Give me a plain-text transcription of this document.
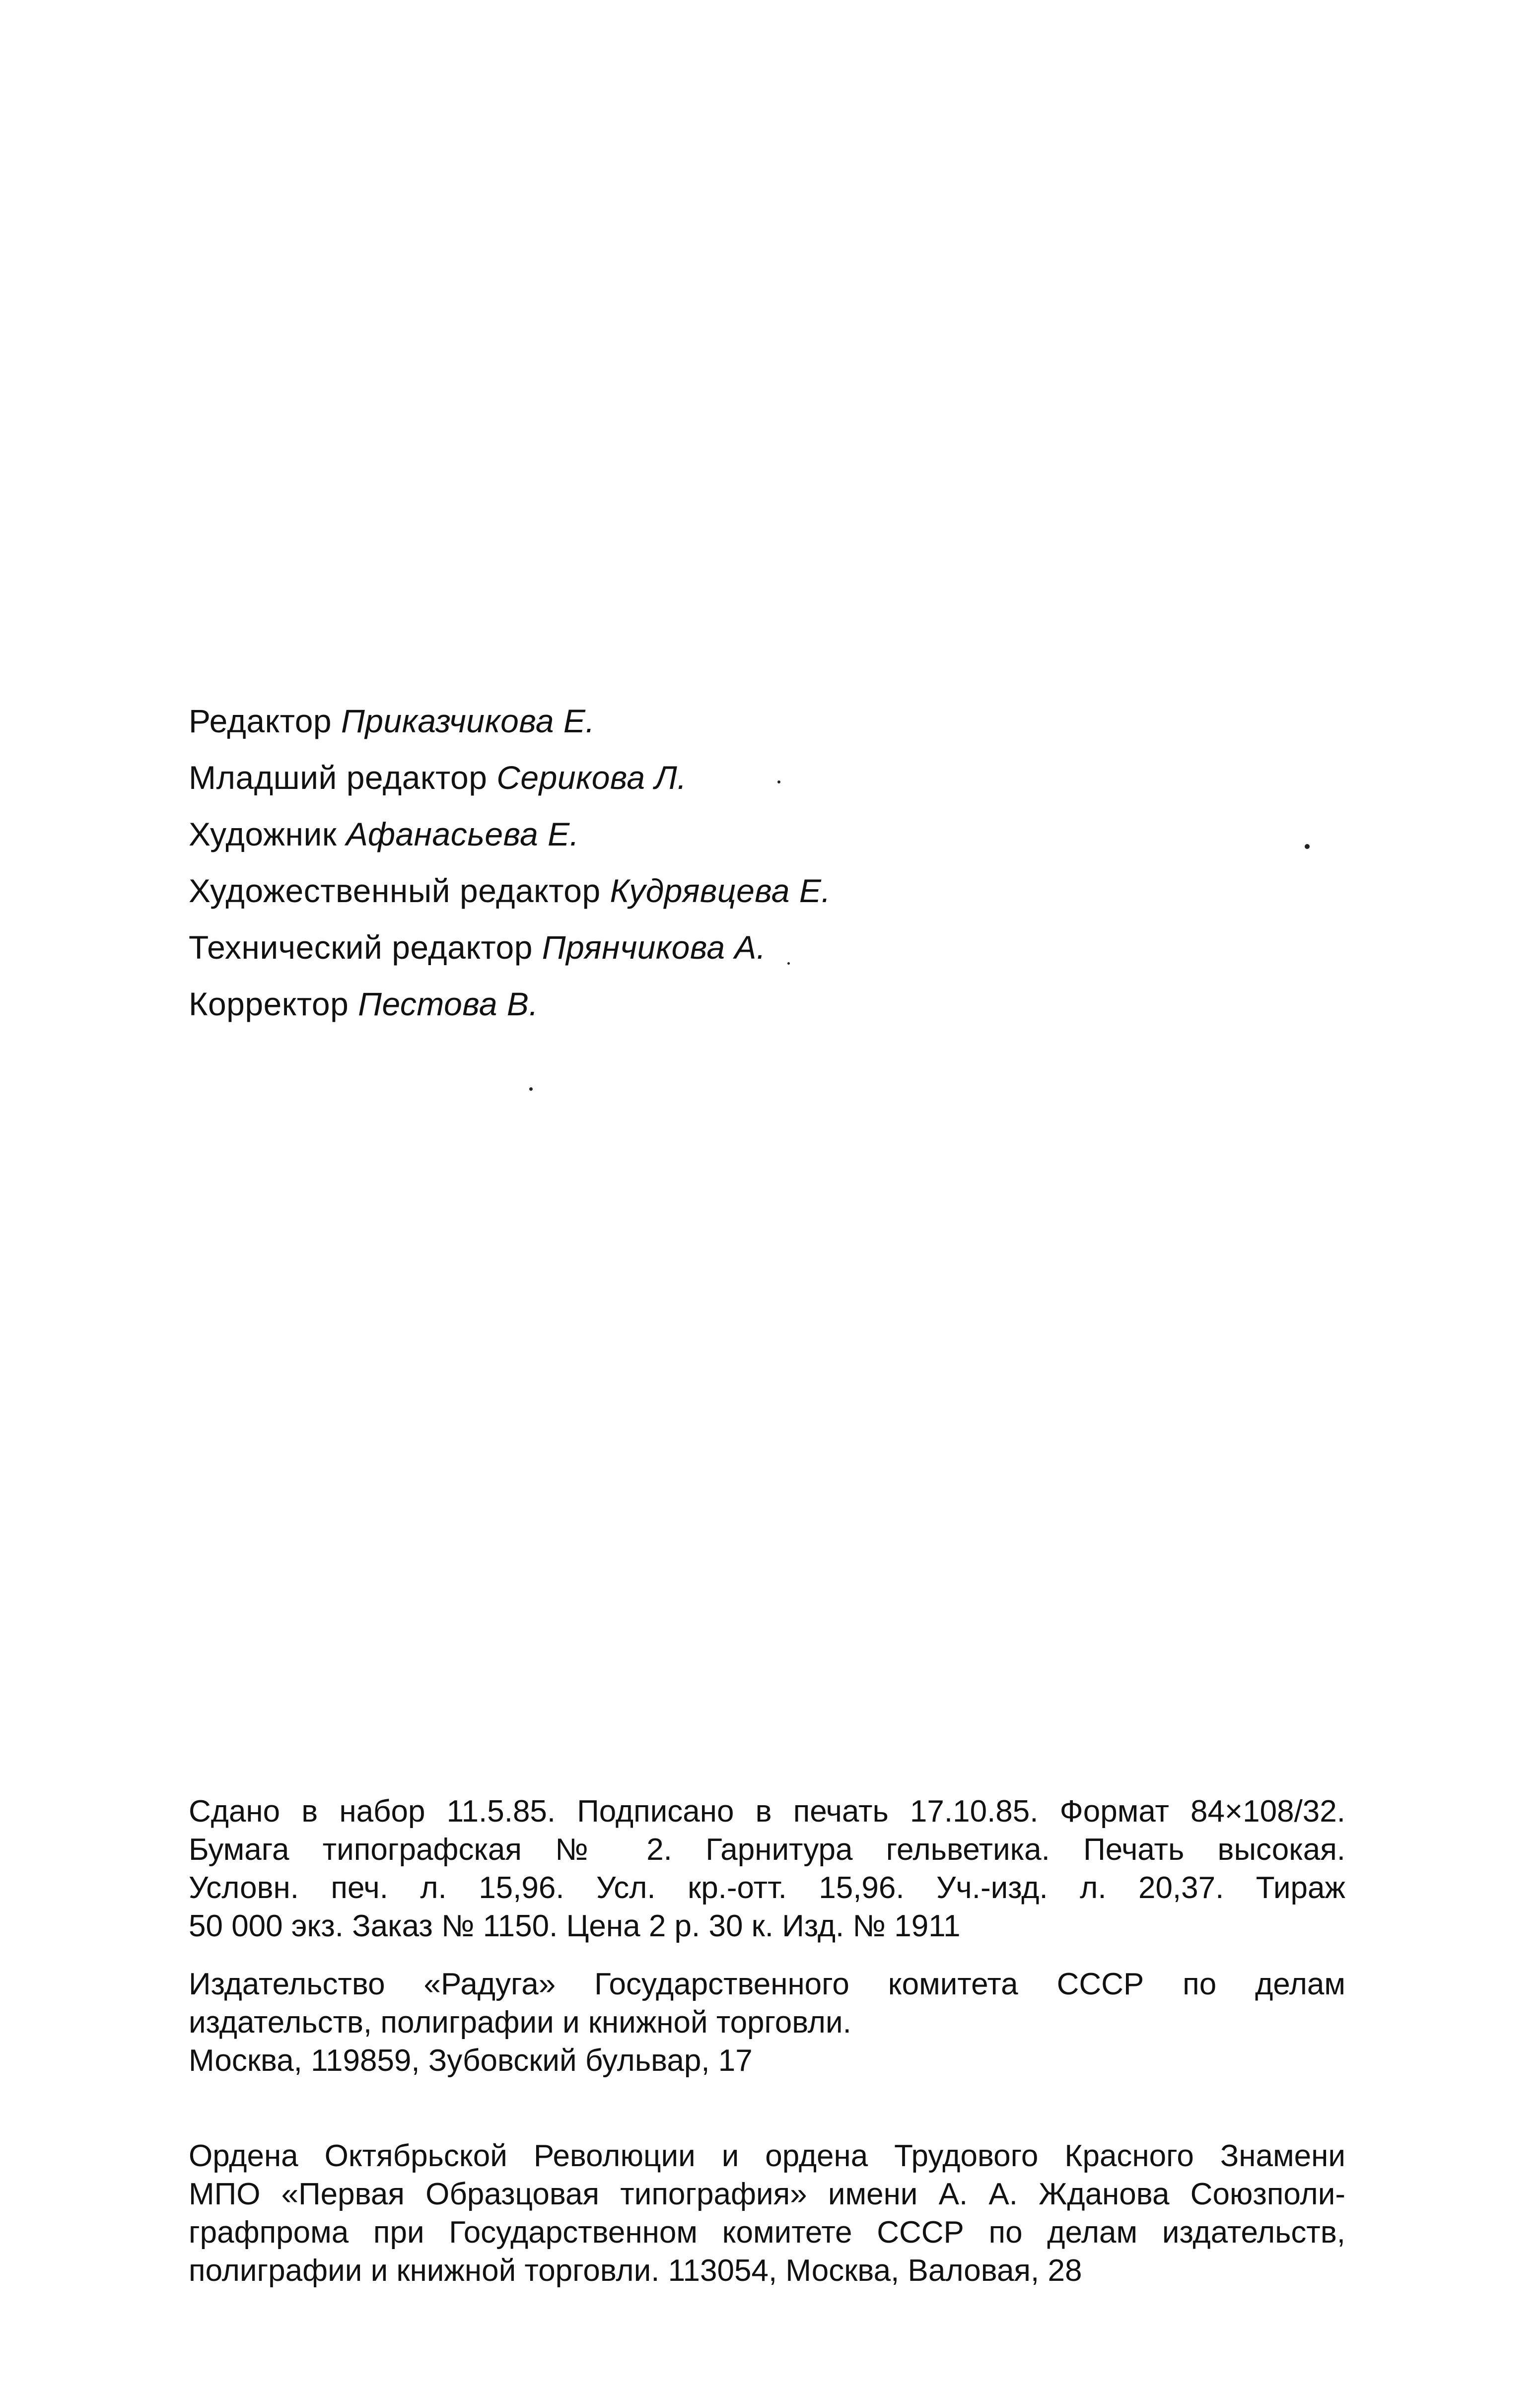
Редактор Приказчикова Е.
Младший редактор Серикова Л.
Художник Афанасьева Е.
Художественный редактор Кудрявцева Е.
Технический редактор Прянчикова А.
Корректор Пестова В.
Сдано в набор 11.5.85. Подписано в печать 17.10.85. Формат 84×108/32.
Бумага типографская № 2. Гарнитура гельветика. Печать высокая.
Условн. печ. л. 15,96. Усл. кр.-отт. 15,96. Уч.-изд. л. 20,37. Тираж
50 000 экз. Заказ № 1150. Цена 2 р. 30 к. Изд. № 1911
Издательство «Радуга» Государственного комитета СССР по делам
издательств, полиграфии и книжной торговли.
Москва, 119859, Зубовский бульвар, 17
Ордена Октябрьской Революции и ордена Трудового Красного Знамени
МПО «Первая Образцовая типография» имени А. А. Жданова Союзполи-
графпрома при Государственном комитете СССР по делам издательств,
полиграфии и книжной торговли. 113054, Москва, Валовая, 28
